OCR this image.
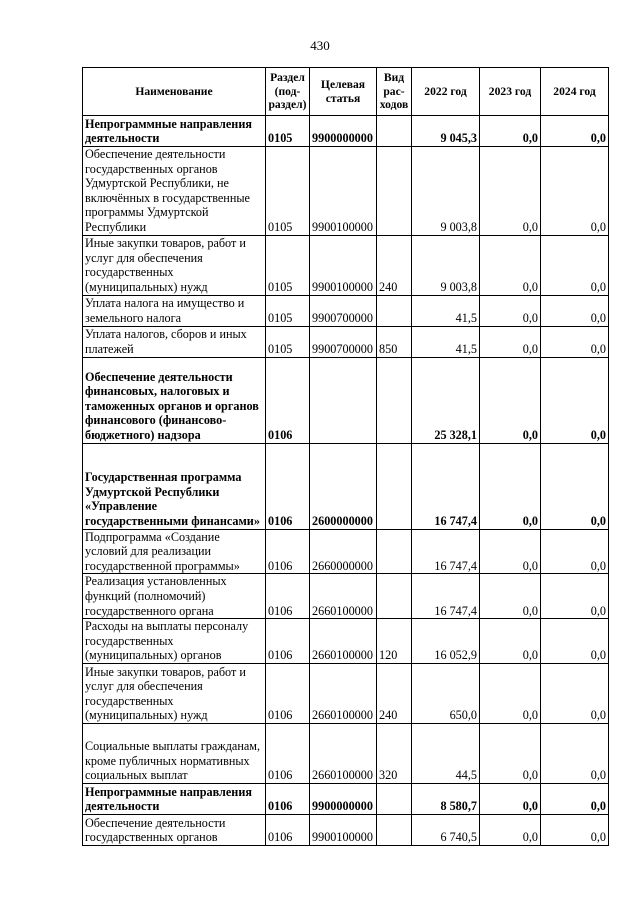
430
Наименование	Раздел (под-раздел)	Целевая статья	Вид рас-ходов	2022 год	2023 год	2024 год
Непрограммные направления деятельности	0105	9900000000		9 045,3	0,0	0,0
Обеспечение деятельности государственных органов Удмуртской Республики, не включённых в государственные программы Удмуртской Республики	0105	9900100000		9 003,8	0,0	0,0
Иные закупки товаров, работ и услуг для обеспечения государственных (муниципальных) нужд	0105	9900100000	240	9 003,8	0,0	0,0
Уплата налога на имущество и земельного налога	0105	9900700000		41,5	0,0	0,0
Уплата налогов, сборов и иных платежей	0105	9900700000	850	41,5	0,0	0,0
Обеспечение деятельности финансовых, налоговых и таможенных органов и органов финансового (финансово-бюджетного) надзора	0106			25 328,1	0,0	0,0
Государственная программа Удмуртской Республики «Управление государственными финансами»	0106	2600000000		16 747,4	0,0	0,0
Подпрограмма «Создание условий для реализации государственной программы»	0106	2660000000		16 747,4	0,0	0,0
Реализация установленных функций (полномочий) государственного органа	0106	2660100000		16 747,4	0,0	0,0
Расходы на выплаты персоналу государственных (муниципальных) органов	0106	2660100000	120	16 052,9	0,0	0,0
Иные закупки товаров, работ и услуг для обеспечения государственных (муниципальных) нужд	0106	2660100000	240	650,0	0,0	0,0
Социальные выплаты гражданам, кроме публичных нормативных социальных выплат	0106	2660100000	320	44,5	0,0	0,0
Непрограммные направления деятельности	0106	9900000000		8 580,7	0,0	0,0
Обеспечение деятельности государственных органов	0106	9900100000		6 740,5	0,0	0,0
